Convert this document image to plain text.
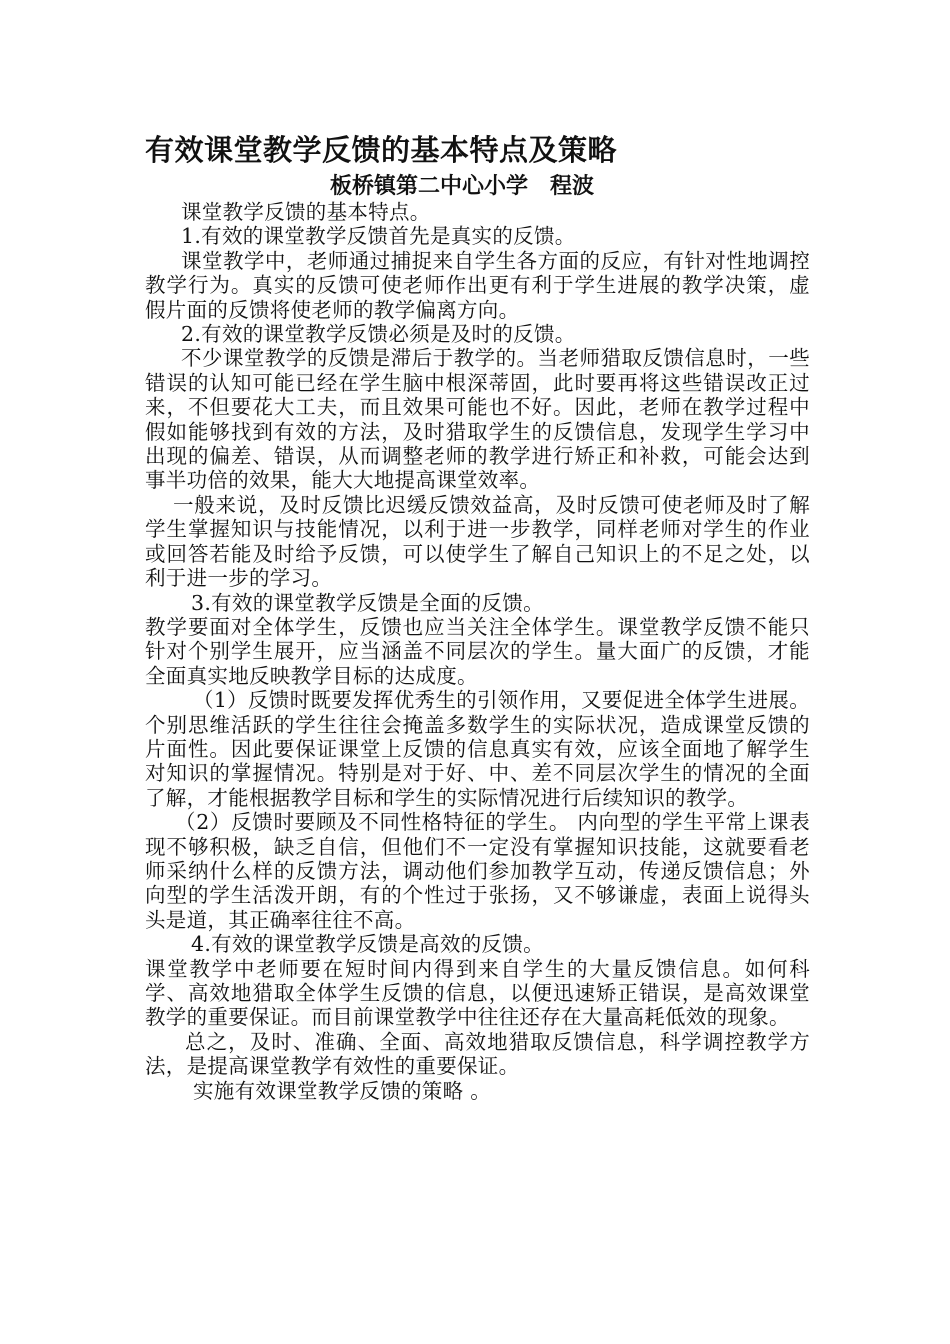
有效课堂教学反馈的基本特点及策略
板桥镇第二中心小学　程波

课堂教学反馈的基本特点。

1.有效的课堂教学反馈首先是真实的反馈。

课堂教学中，老师通过捕捉来自学生各方面的反应，有针对性地调控教学行为。真实的反馈可使老师作出更有利于学生进展的教学决策，虚假片面的反馈将使老师的教学偏离方向。

2.有效的课堂教学反馈必须是及时的反馈。

不少课堂教学的反馈是滞后于教学的。当老师猎取反馈信息时，一些错误的认知可能已经在学生脑中根深蒂固，此时要再将这些错误改正过来，不但要花大工夫，而且效果可能也不好。因此，老师在教学过程中假如能够找到有效的方法，及时猎取学生的反馈信息，发现学生学习中出现的偏差、错误，从而调整老师的教学进行矫正和补救，可能会达到事半功倍的效果，能大大地提高课堂效率。

一般来说，及时反馈比迟缓反馈效益高，及时反馈可使老师及时了解学生掌握知识与技能情况，以利于进一步教学，同样老师对学生的作业或回答若能及时给予反馈，可以使学生了解自己知识上的不足之处，以利于进一步的学习。

3.有效的课堂教学反馈是全面的反馈。

教学要面对全体学生，反馈也应当关注全体学生。课堂教学反馈不能只针对个别学生展开，应当涵盖不同层次的学生。量大面广的反馈，才能全面真实地反映教学目标的达成度。

（1）反馈时既要发挥优秀生的引领作用，又要促进全体学生进展。 个别思维活跃的学生往往会掩盖多数学生的实际状况，造成课堂反馈的片面性。因此要保证课堂上反馈的信息真实有效，应该全面地了解学生对知识的掌握情况。特别是对于好、中、差不同层次学生的情况的全面了解，才能根据教学目标和学生的实际情况进行后续知识的教学。

（2）反馈时要顾及不同性格特征的学生。 内向型的学生平常上课表现不够积极，缺乏自信，但他们不一定没有掌握知识技能，这就要看老师采纳什么样的反馈方法，调动他们参加教学互动，传递反馈信息；外向型的学生活泼开朗，有的个性过于张扬，又不够谦虚，表面上说得头头是道，其正确率往往不高。

4.有效的课堂教学反馈是高效的反馈。

课堂教学中老师要在短时间内得到来自学生的大量反馈信息。如何科学、高效地猎取全体学生反馈的信息，以便迅速矫正错误，是高效课堂教学的重要保证。而目前课堂教学中往往还存在大量高耗低效的现象。

总之，及时、准确、全面、高效地猎取反馈信息，科学调控教学方法，是提高课堂教学有效性的重要保证。

实施有效课堂教学反馈的策略 。
